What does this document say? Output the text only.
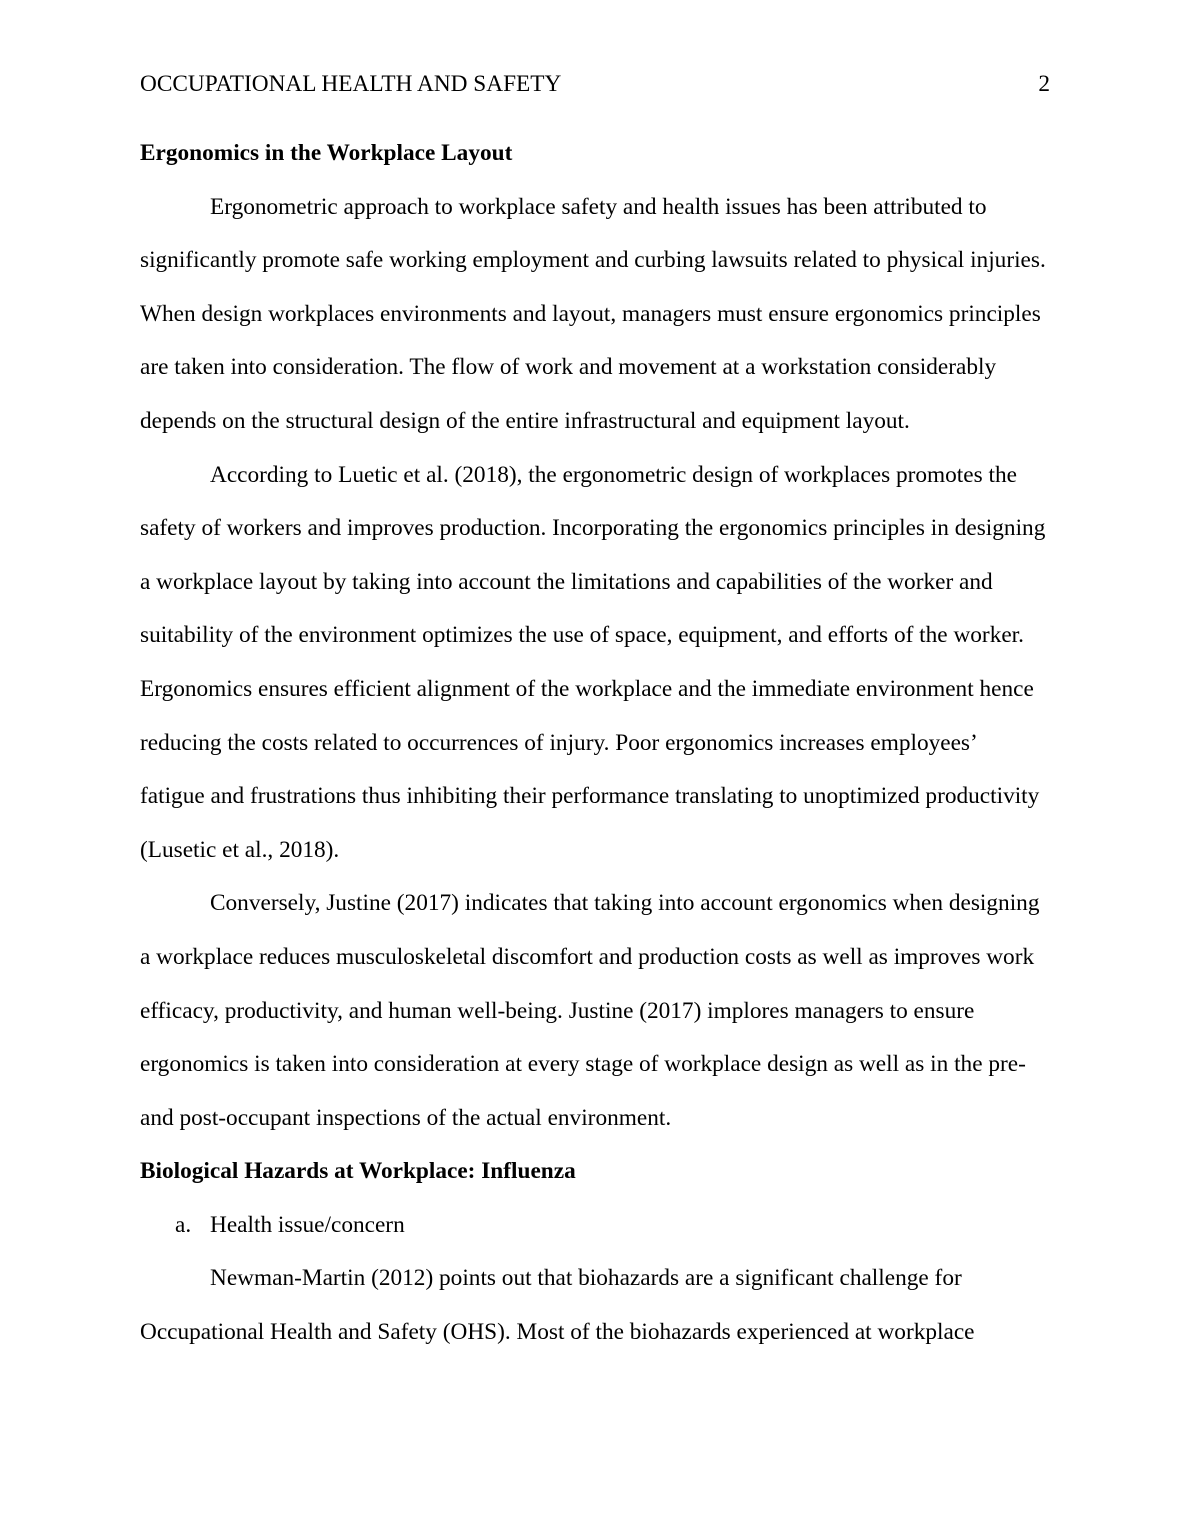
OCCUPATIONAL HEALTH AND SAFETY	2
Ergonomics in the Workplace Layout
Ergonometric approach to workplace safety and health issues has been attributed to
significantly promote safe working employment and curbing lawsuits related to physical injuries.
When design workplaces environments and layout, managers must ensure ergonomics principles
are taken into consideration. The flow of work and movement at a workstation considerably
depends on the structural design of the entire infrastructural and equipment layout.
According to Luetic et al. (2018), the ergonometric design of workplaces promotes the
safety of workers and improves production. Incorporating the ergonomics principles in designing
a workplace layout by taking into account the limitations and capabilities of the worker and
suitability of the environment optimizes the use of space, equipment, and efforts of the worker.
Ergonomics ensures efficient alignment of the workplace and the immediate environment hence
reducing the costs related to occurrences of injury. Poor ergonomics increases employees’
fatigue and frustrations thus inhibiting their performance translating to unoptimized productivity
(Lusetic et al., 2018).
Conversely, Justine (2017) indicates that taking into account ergonomics when designing
a workplace reduces musculoskeletal discomfort and production costs as well as improves work
efficacy, productivity, and human well-being. Justine (2017) implores managers to ensure
ergonomics is taken into consideration at every stage of workplace design as well as in the pre-
and post-occupant inspections of the actual environment.
Biological Hazards at Workplace: Influenza
a. Health issue/concern
Newman-Martin (2012) points out that biohazards are a significant challenge for
Occupational Health and Safety (OHS). Most of the biohazards experienced at workplace
